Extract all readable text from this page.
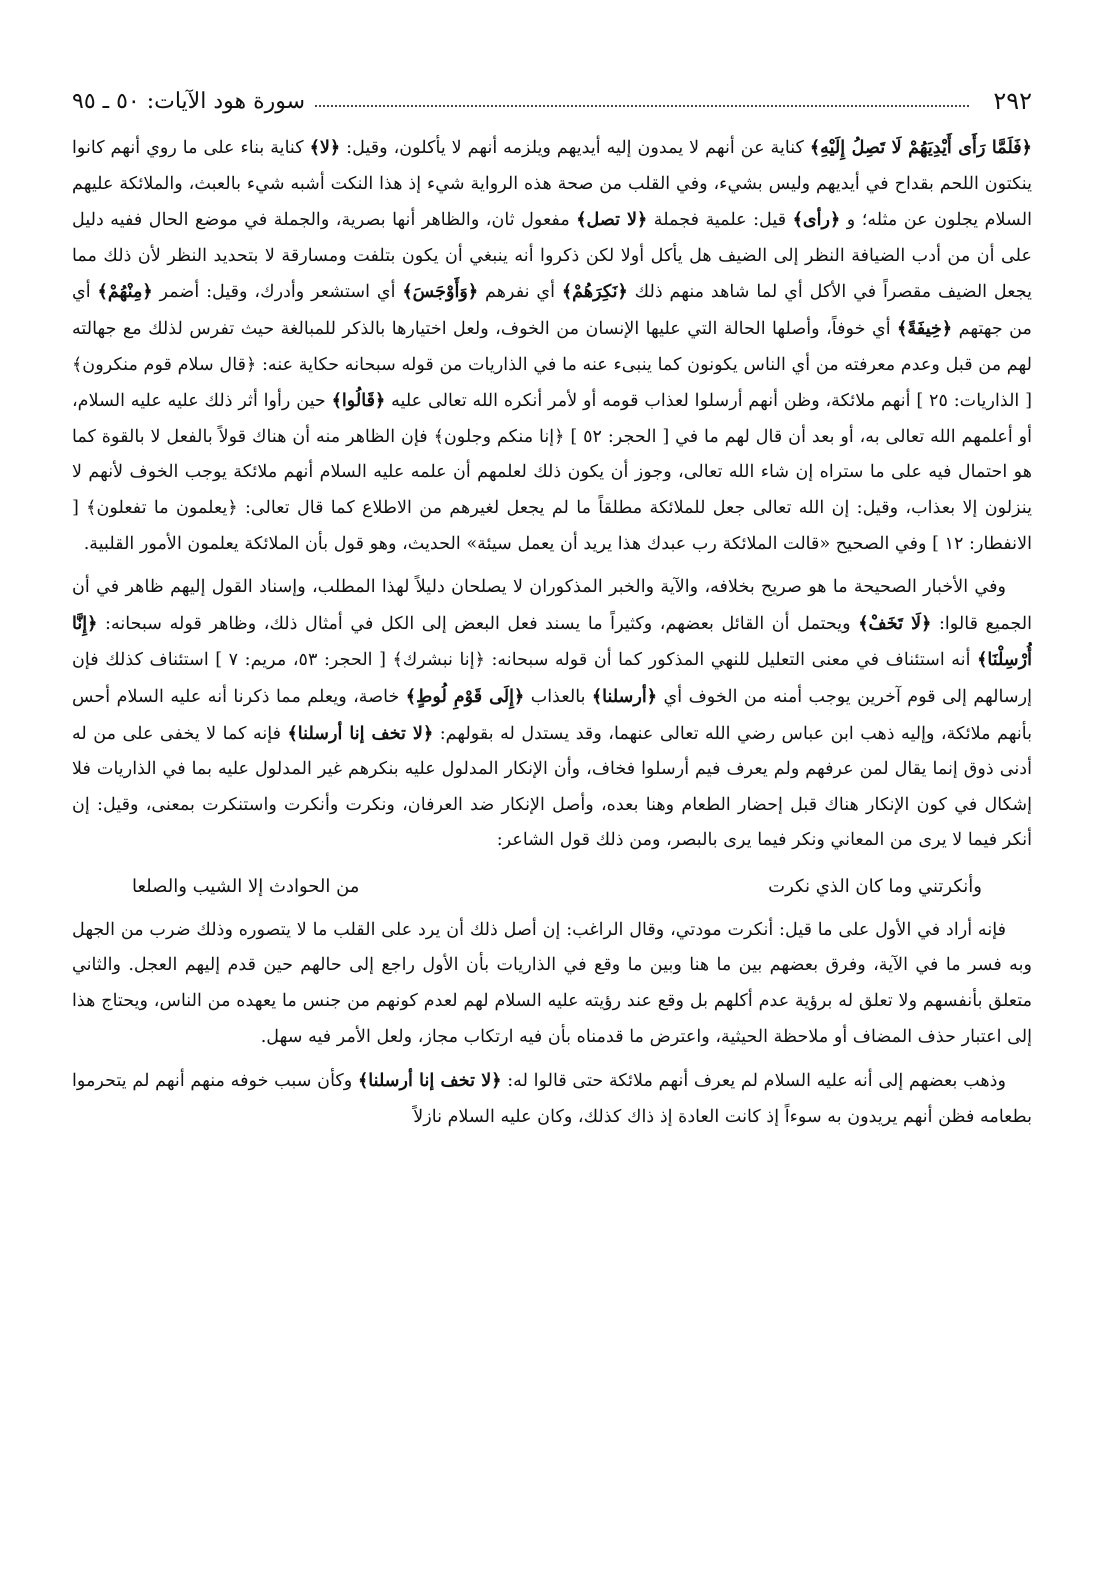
٢٩٢
سورة هود الآيات: ٥٠ ـ ٩٥

﴿فَلَمَّا رَأَى أَيْدِيَهُمْ لَا تَصِلُ إِلَيْهِ﴾ كناية عن أنهم لا يمدون إليه أيديهم ويلزمه أنهم لا يأكلون، وقيل: ﴿لا﴾ كناية بناء على ما روي أنهم كانوا ينكتون اللحم بقداح في أيديهم وليس بشيء، وفي القلب من صحة هذه الرواية شيء إذ هذا النكت أشبه شيء بالعبث، والملائكة عليهم السلام يجلون عن مثله؛ و ﴿رأى﴾ قيل: علمية فجملة ﴿لا تصل﴾ مفعول ثان، والظاهر أنها بصرية، والجملة في موضع الحال ففيه دليل على أن من أدب الضيافة النظر إلى الضيف هل يأكل أولا لكن ذكروا أنه ينبغي أن يكون بتلفت ومسارقة لا بتحديد النظر لأن ذلك مما يجعل الضيف مقصراً في الأكل أي لما شاهد منهم ذلك ﴿نَكِرَهُمْ﴾ أي نفرهم ﴿وَأَوْجَسَ﴾ أي استشعر وأدرك، وقيل: أضمر ﴿مِنْهُمْ﴾ أي من جهتهم ﴿خِيفَةً﴾ أي خوفاً، وأصلها الحالة التي عليها الإنسان من الخوف، ولعل اختيارها بالذكر للمبالغة حيث تفرس لذلك مع جهالته لهم من قبل وعدم معرفته من أي الناس يكونون كما ينبىء عنه ما في الذاريات من قوله سبحانه حكاية عنه: ﴿قال سلام قوم منكرون﴾ [ الذاريات: ٢٥ ] أنهم ملائكة، وظن أنهم أرسلوا لعذاب قومه أو لأمر أنكره الله تعالى عليه ﴿قَالُوا﴾ حين رأوا أثر ذلك عليه عليه السلام، أو أعلمهم الله تعالى به، أو بعد أن قال لهم ما في [ الحجر: ٥٢ ] ﴿إنا منكم وجلون﴾ فإن الظاهر منه أن هناك قولاً بالفعل لا بالقوة كما هو احتمال فيه على ما ستراه إن شاء الله تعالى، وجوز أن يكون ذلك لعلمهم أن علمه عليه السلام أنهم ملائكة يوجب الخوف لأنهم لا ينزلون إلا بعذاب، وقيل: إن الله تعالى جعل للملائكة مطلقاً ما لم يجعل لغيرهم من الاطلاع كما قال تعالى: ﴿يعلمون ما تفعلون﴾ [ الانفطار: ١٢ ] وفي الصحيح «قالت الملائكة رب عبدك هذا يريد أن يعمل سيئة» الحديث، وهو قول بأن الملائكة يعلمون الأمور القلبية.

وفي الأخبار الصحيحة ما هو صريح بخلافه، والآية والخبر المذكوران لا يصلحان دليلاً لهذا المطلب، وإسناد القول إليهم ظاهر في أن الجميع قالوا: ﴿لَا تَخَفْ﴾ ويحتمل أن القائل بعضهم، وكثيراً ما يسند فعل البعض إلى الكل في أمثال ذلك، وظاهر قوله سبحانه: ﴿إِنَّا أُرْسِلْنَا﴾ أنه استئناف في معنى التعليل للنهي المذكور كما أن قوله سبحانه: ﴿إنا نبشرك﴾ [ الحجر: ٥٣، مريم: ٧ ] استئناف كذلك فإن إرسالهم إلى قوم آخرين يوجب أمنه من الخوف أي ﴿أرسلنا﴾ بالعذاب ﴿إِلَى قَوْمِ لُوطٍ﴾ خاصة، ويعلم مما ذكرنا أنه عليه السلام أحس بأنهم ملائكة، وإليه ذهب ابن عباس رضي الله تعالى عنهما، وقد يستدل له بقولهم: ﴿لا تخف إنا أرسلنا﴾ فإنه كما لا يخفى على من له أدنى ذوق إنما يقال لمن عرفهم ولم يعرف فيم أرسلوا فخاف، وأن الإنكار المدلول عليه بنكرهم غير المدلول عليه بما في الذاريات فلا إشكال في كون الإنكار هناك قبل إحضار الطعام وهنا بعده، وأصل الإنكار ضد العرفان، ونكرت وأنكرت واستنكرت بمعنى، وقيل: إن أنكر فيما لا يرى من المعاني ونكر فيما يرى بالبصر، ومن ذلك قول الشاعر:

وأنكرتني وما كان الذي نكرت
من الحوادث إلا الشيب والصلعا

فإنه أراد في الأول على ما قيل: أنكرت مودتي، وقال الراغب: إن أصل ذلك أن يرد على القلب ما لا يتصوره وذلك ضرب من الجهل وبه فسر ما في الآية، وفرق بعضهم بين ما هنا وبين ما وقع في الذاريات بأن الأول راجع إلى حالهم حين قدم إليهم العجل. والثاني متعلق بأنفسهم ولا تعلق له برؤية عدم أكلهم بل وقع عند رؤيته عليه السلام لهم لعدم كونهم من جنس ما يعهده من الناس، ويحتاج هذا إلى اعتبار حذف المضاف أو ملاحظة الحيثية، واعترض ما قدمناه بأن فيه ارتكاب مجاز، ولعل الأمر فيه سهل.

وذهب بعضهم إلى أنه عليه السلام لم يعرف أنهم ملائكة حتى قالوا له: ﴿لا تخف إنا أرسلنا﴾ وكأن سبب خوفه منهم أنهم لم يتحرموا بطعامه فظن أنهم يريدون به سوءاً إذ كانت العادة إذ ذاك كذلك، وكان عليه السلام نازلاً
